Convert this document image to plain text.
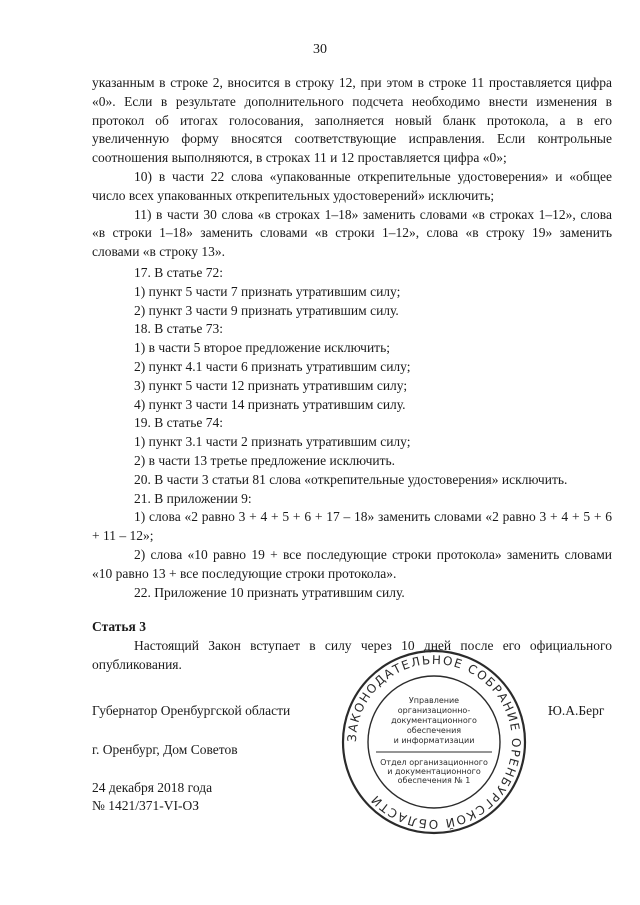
30

указанным в строке 2, вносится в строку 12, при этом в строке 11 проставляется цифра «0». Если в результате дополнительного подсчета необходимо внести изменения в протокол об итогах голосования, заполняется новый бланк протокола, а в его увеличенную форму вносятся соответствующие исправления. Если контрольные соотношения выполняются, в строках 11 и 12 проставляется цифра «0»;

10) в части 22 слова «упакованные открепительные удостоверения» и «общее число всех упакованных открепительных удостоверений» исключить;

11) в части 30 слова «в строках 1–18» заменить словами «в строках 1–12», слова «в строки 1–18» заменить словами «в строки 1–12», слова «в строку 19» заменить словами «в строку 13».

17. В статье 72:

1) пункт 5 части 7 признать утратившим силу;

2) пункт 3 части 9 признать утратившим силу.

18. В статье 73:

1) в части 5 второе предложение исключить;

2) пункт 4.1 части 6 признать утратившим силу;

3) пункт 5 части 12 признать утратившим силу;

4) пункт 3 части 14 признать утратившим силу.

19. В статье 74:

1) пункт 3.1 части 2 признать утратившим силу;

2) в части 13 третье предложение исключить.

20. В части 3 статьи 81 слова «открепительные удостоверения» исключить.

21. В приложении 9:

1) слова «2 равно 3 + 4 + 5 + 6 + 17 – 18» заменить словами «2 равно 3 + 4 + 5 + 6 + 11 – 12»;

2) слова «10 равно 19 + все последующие строки протокола» заменить словами «10 равно 13 + все последующие строки протокола».

22. Приложение 10 признать утратившим силу.

Статья 3

Настоящий Закон вступает в силу через 10 дней после его официального опубликования.

Губернатор Оренбургской области	Ю.А.Берг
г. Оренбург, Дом Советов
24 декабря 2018 года
№ 1421/371-VI-ОЗ
ЗАКОНОДАТЕЛЬНОЕ СОБРАНИЕ ОРЕНБУРГСКОЙ ОБЛАСТИ
Управление
организационно-
документационного
обеспечения
и информатизации
Отдел организационного
и документационного
обеспечения № 1
